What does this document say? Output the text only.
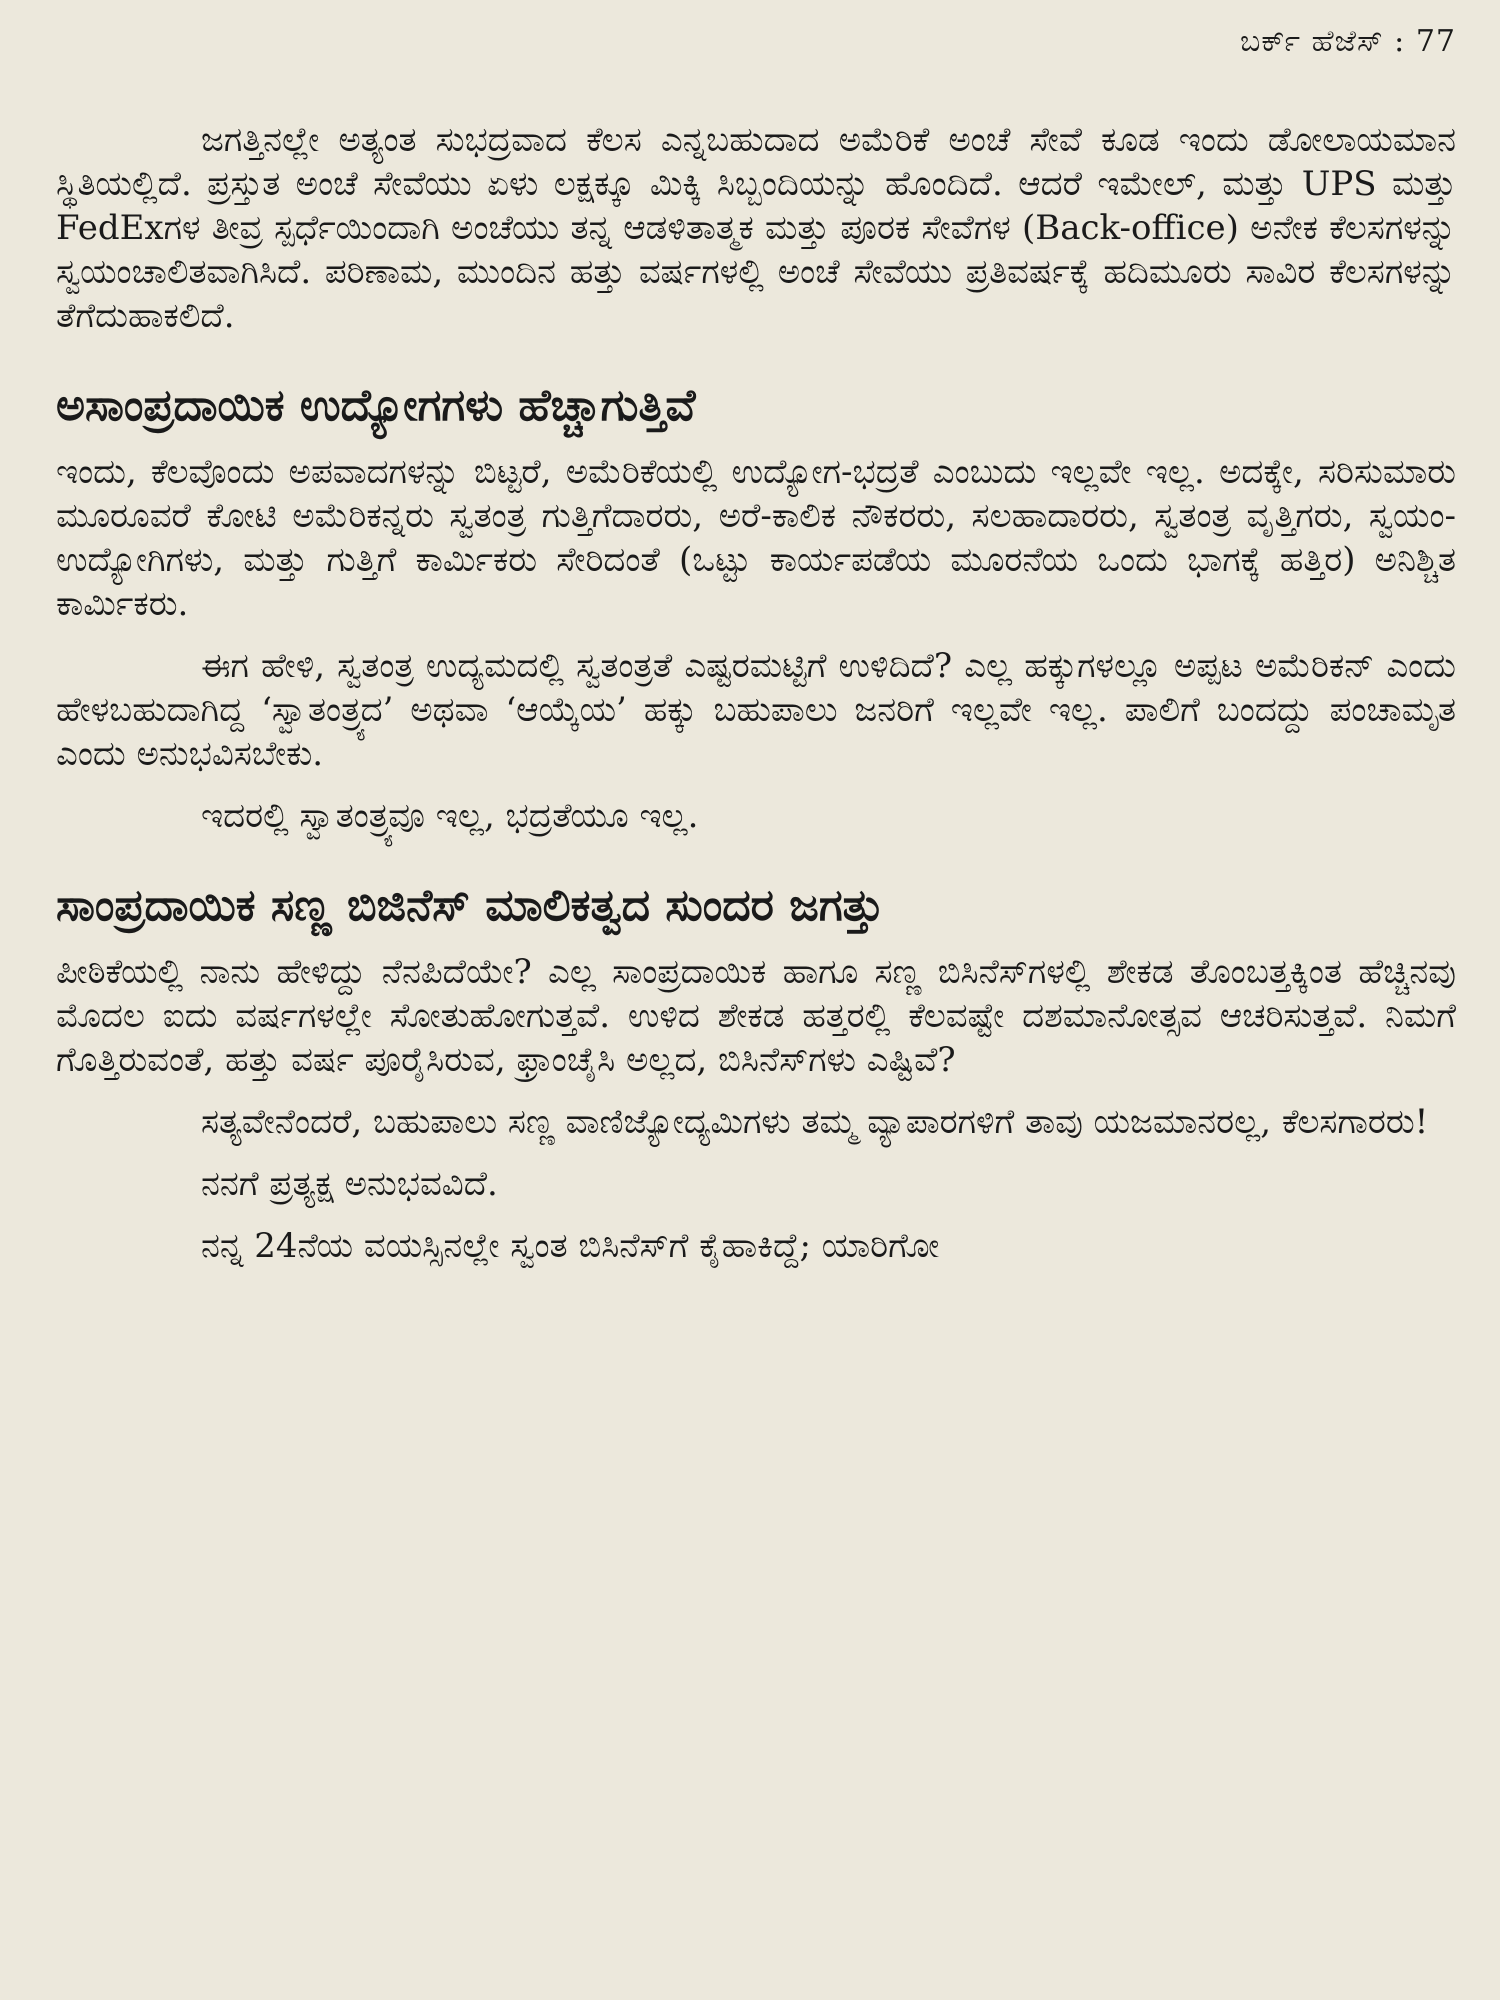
ಬರ್ಕ್ ಹೆಜೆಸ್ : 77

ಜಗತ್ತಿನಲ್ಲೇ ಅತ್ಯಂತ ಸುಭದ್ರವಾದ ಕೆಲಸ ಎನ್ನಬಹುದಾದ ಅಮೆರಿಕೆ ಅಂಚೆ ಸೇವೆ ಕೂಡ ಇಂದು ಡೋಲಾಯಮಾನ ಸ್ಥಿತಿಯಲ್ಲಿದೆ. ಪ್ರಸ್ತುತ ಅಂಚೆ ಸೇವೆಯು ಏಳು ಲಕ್ಷಕ್ಕೂ ಮಿಕ್ಕಿ ಸಿಬ್ಬಂದಿಯನ್ನು ಹೊಂದಿದೆ. ಆದರೆ ಇಮೇಲ್, ಮತ್ತು UPS ಮತ್ತು FedExಗಳ ತೀವ್ರ ಸ್ಪರ್ಧೆಯಿಂದಾಗಿ ಅಂಚೆಯು ತನ್ನ ಆಡಳಿತಾತ್ಮಕ ಮತ್ತು ಪೂರಕ ಸೇವೆಗಳ (Back-office) ಅನೇಕ ಕೆಲಸಗಳನ್ನು ಸ್ವಯಂಚಾಲಿತವಾಗಿಸಿದೆ. ಪರಿಣಾಮ, ಮುಂದಿನ ಹತ್ತು ವರ್ಷಗಳಲ್ಲಿ ಅಂಚೆ ಸೇವೆಯು ಪ್ರತಿವರ್ಷಕ್ಕೆ ಹದಿಮೂರು ಸಾವಿರ ಕೆಲಸಗಳನ್ನು ತೆಗೆದುಹಾಕಲಿದೆ.

ಅಸಾಂಪ್ರದಾಯಿಕ ಉದ್ಯೋಗಗಳು ಹೆಚ್ಚಾಗುತ್ತಿವೆ

ಇಂದು, ಕೆಲವೊಂದು ಅಪವಾದಗಳನ್ನು ಬಿಟ್ಟರೆ, ಅಮೆರಿಕೆಯಲ್ಲಿ ಉದ್ಯೋಗ-ಭದ್ರತೆ ಎಂಬುದು ಇಲ್ಲವೇ ಇಲ್ಲ. ಅದಕ್ಕೇ, ಸರಿಸುಮಾರು ಮೂರೂವರೆ ಕೋಟಿ ಅಮೆರಿಕನ್ನರು ಸ್ವತಂತ್ರ ಗುತ್ತಿಗೆದಾರರು, ಅರೆ-ಕಾಲಿಕ ನೌಕರರು, ಸಲಹಾದಾರರು, ಸ್ವತಂತ್ರ ವೃತ್ತಿಗರು, ಸ್ವಯಂ-ಉದ್ಯೋಗಿಗಳು, ಮತ್ತು ಗುತ್ತಿಗೆ ಕಾರ್ಮಿಕರು ಸೇರಿದಂತೆ (ಒಟ್ಟು ಕಾರ್ಯಪಡೆಯ ಮೂರನೆಯ ಒಂದು ಭಾಗಕ್ಕೆ ಹತ್ತಿರ) ಅನಿಶ್ಚಿತ ಕಾರ್ಮಿಕರು.

ಈಗ ಹೇಳಿ, ಸ್ವತಂತ್ರ ಉದ್ಯಮದಲ್ಲಿ ಸ್ವತಂತ್ರತೆ ಎಷ್ಟರಮಟ್ಟಿಗೆ ಉಳಿದಿದೆ? ಎಲ್ಲ ಹಕ್ಕುಗಳಲ್ಲೂ ಅಪ್ಪಟ ಅಮೆರಿಕನ್ ಎಂದು ಹೇಳಬಹುದಾಗಿದ್ದ ‘ಸ್ವಾತಂತ್ರ್ಯದ’ ಅಥವಾ ‘ಆಯ್ಕೆಯ’ ಹಕ್ಕು ಬಹುಪಾಲು ಜನರಿಗೆ ಇಲ್ಲವೇ ಇಲ್ಲ. ಪಾಲಿಗೆ ಬಂದದ್ದು ಪಂಚಾಮೃತ ಎಂದು ಅನುಭವಿಸಬೇಕು.

ಇದರಲ್ಲಿ ಸ್ವಾತಂತ್ರ್ಯವೂ ಇಲ್ಲ, ಭದ್ರತೆಯೂ ಇಲ್ಲ.

ಸಾಂಪ್ರದಾಯಿಕ ಸಣ್ಣ ಬಿಜಿನೆಸ್ ಮಾಲಿಕತ್ವದ ಸುಂದರ ಜಗತ್ತು

ಪೀಠಿಕೆಯಲ್ಲಿ ನಾನು ಹೇಳಿದ್ದು ನೆನಪಿದೆಯೇ? ಎಲ್ಲ ಸಾಂಪ್ರದಾಯಿಕ ಹಾಗೂ ಸಣ್ಣ ಬಿಸಿನೆಸ್‌ಗಳಲ್ಲಿ ಶೇಕಡ ತೊಂಬತ್ತಕ್ಕಿಂತ ಹೆಚ್ಚಿನವು ಮೊದಲ ಐದು ವರ್ಷಗಳಲ್ಲೇ ಸೋತುಹೋಗುತ್ತವೆ. ಉಳಿದ ಶೇಕಡ ಹತ್ತರಲ್ಲಿ ಕೆಲವಷ್ಟೇ ದಶಮಾನೋತ್ಸವ ಆಚರಿಸುತ್ತವೆ. ನಿಮಗೆ ಗೊತ್ತಿರುವಂತೆ, ಹತ್ತು ವರ್ಷ ಪೂರೈಸಿರುವ, ಫ್ರಾಂಚೈಸಿ ಅಲ್ಲದ, ಬಿಸಿನೆಸ್‌ಗಳು ಎಷ್ಟಿವೆ?

ಸತ್ಯವೇನೆಂದರೆ, ಬಹುಪಾಲು ಸಣ್ಣ ವಾಣಿಜ್ಯೋದ್ಯಮಿಗಳು ತಮ್ಮ ವ್ಯಾಪಾರಗಳಿಗೆ ತಾವು ಯಜಮಾನರಲ್ಲ, ಕೆಲಸಗಾರರು!

ನನಗೆ ಪ್ರತ್ಯಕ್ಷ ಅನುಭವವಿದೆ.

ನನ್ನ 24ನೆಯ ವಯಸ್ಸಿನಲ್ಲೇ ಸ್ವಂತ ಬಿಸಿನೆಸ್‌ಗೆ ಕೈಹಾಕಿದ್ದೆ; ಯಾರಿಗೋ
